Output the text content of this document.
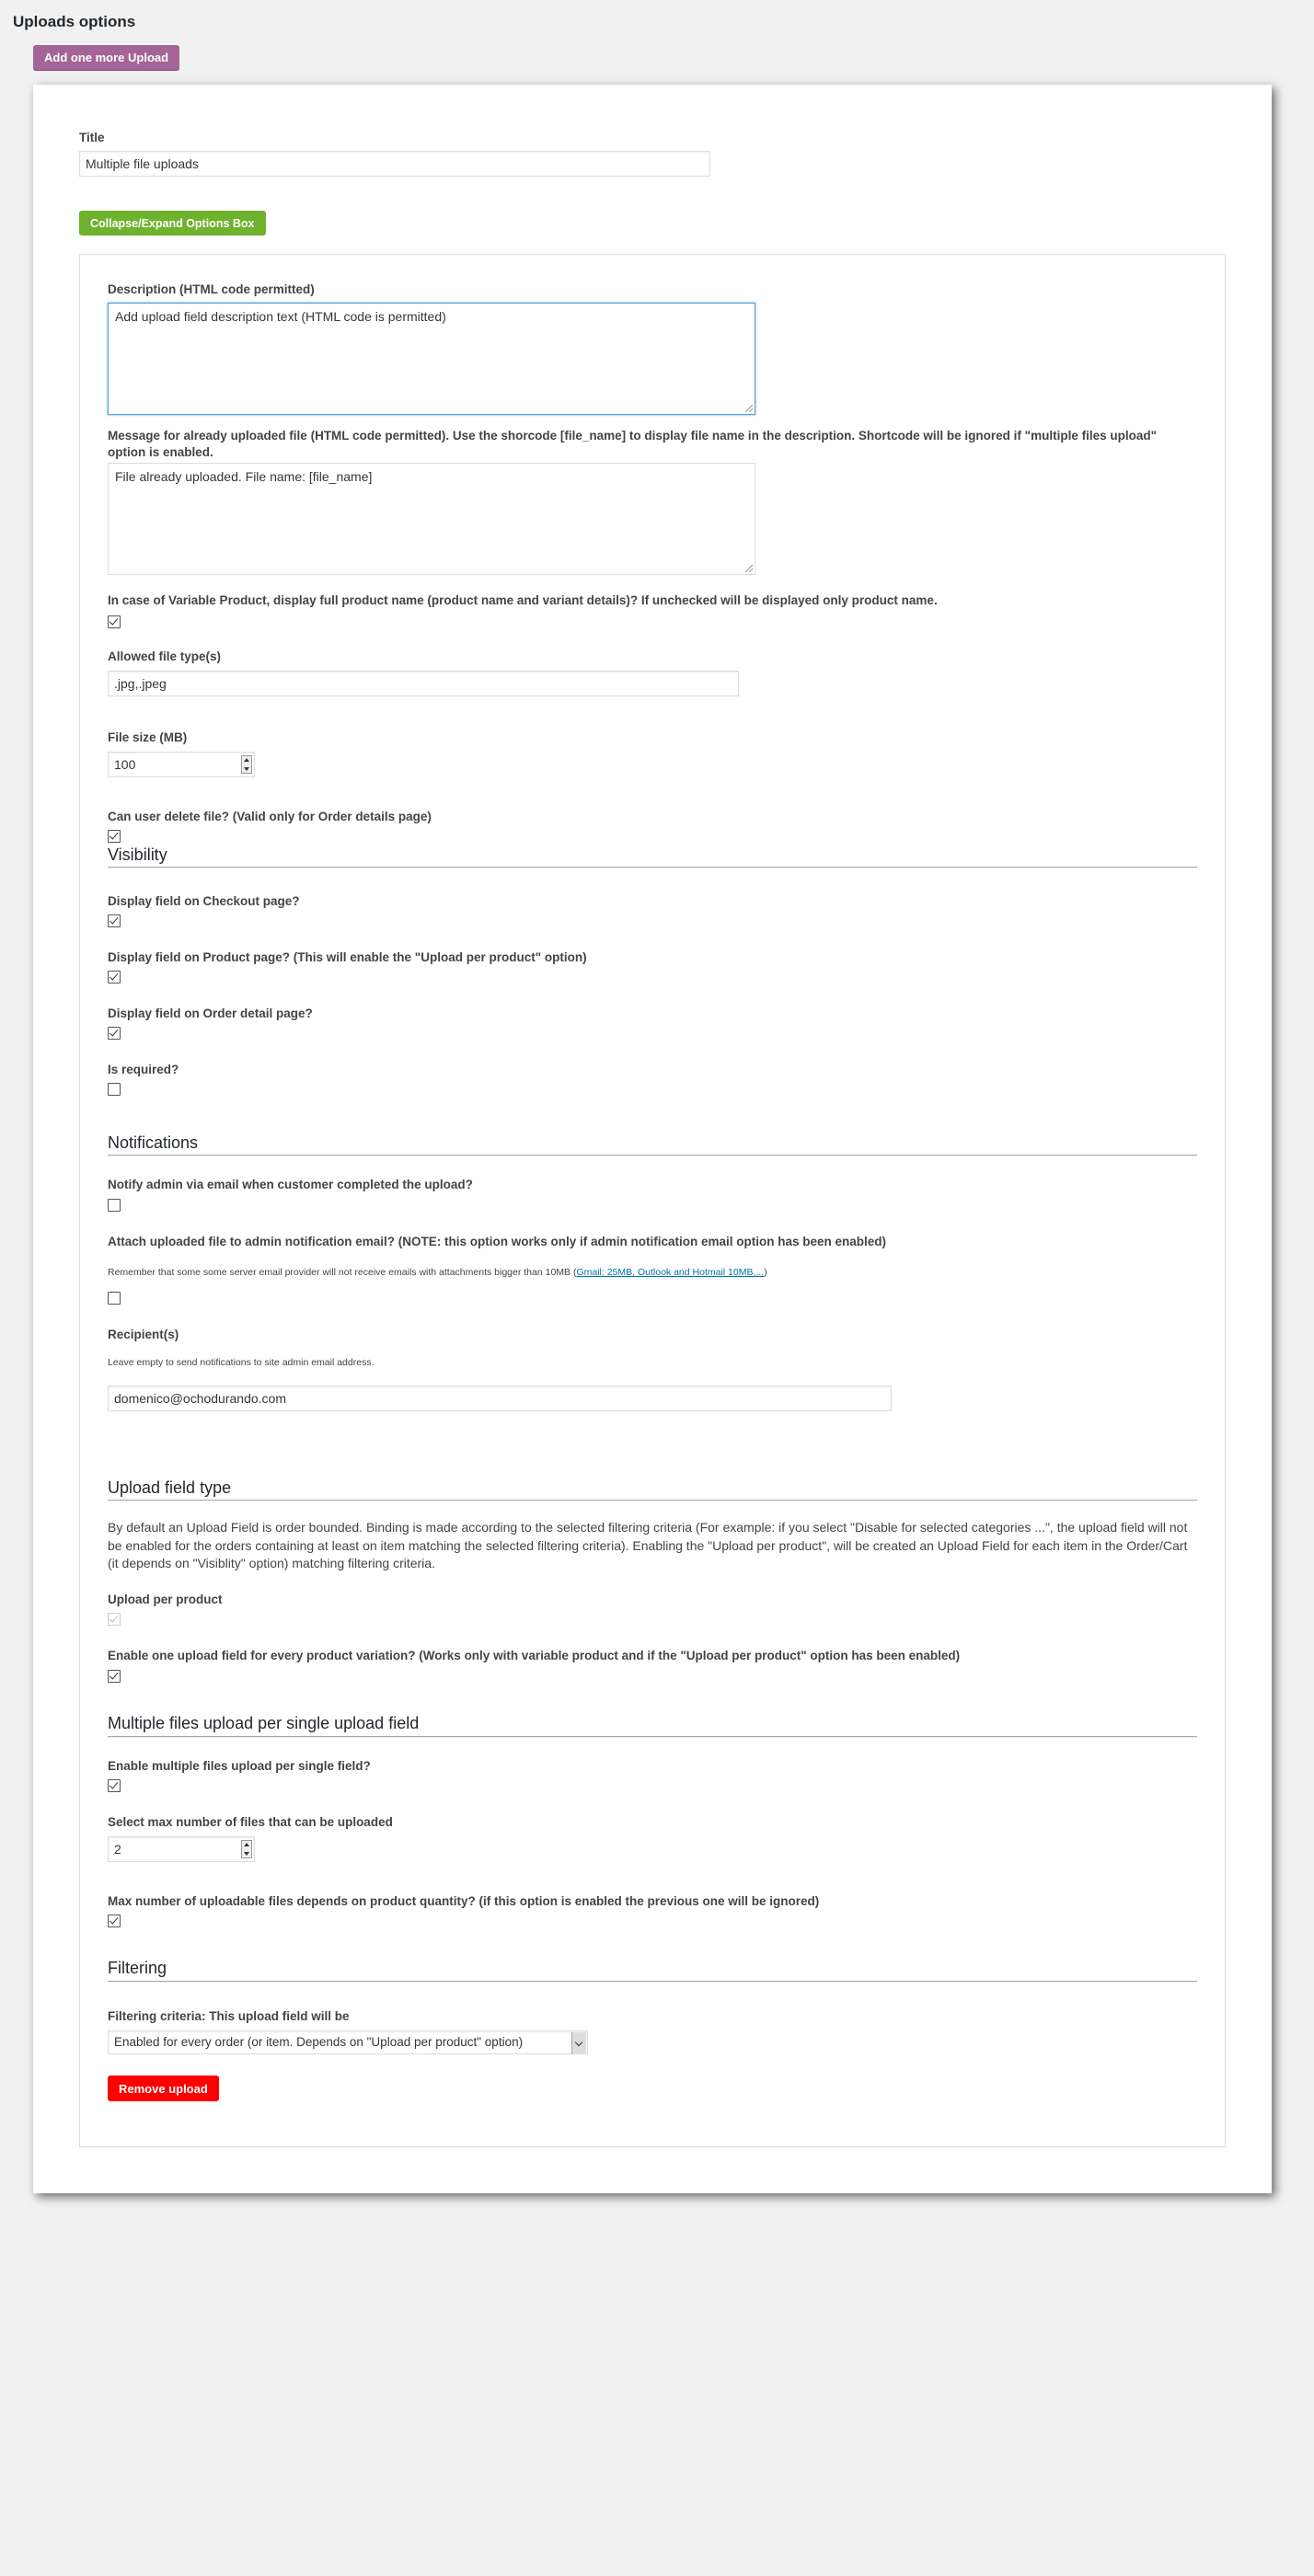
Uploads options
Add one more Upload
Title
Multiple file uploads
Collapse/Expand Options Box
Description (HTML code permitted)
Add upload field description text (HTML code is permitted)
Message for already uploaded file (HTML code permitted). Use the shorcode [file_name] to display file name in the description. Shortcode will be ignored if "multiple files upload" option is enabled.
File already uploaded. File name: [file_name]
In case of Variable Product, display full product name (product name and variant details)? If unchecked will be displayed only product name.
Allowed file type(s)
.jpg,.jpeg
File size (MB)
100
Can user delete file? (Valid only for Order details page)
Visibility
Display field on Checkout page?
Display field on Product page? (This will enable the "Upload per product" option)
Display field on Order detail page?
Is required?
Notifications
Notify admin via email when customer completed the upload?
Attach uploaded file to admin notification email? (NOTE: this option works only if admin notification email option has been enabled)
Remember that some some server email provider will not receive emails with attachments bigger than 10MB (Gmail: 25MB, Outlook and Hotmail 10MB,...)
Recipient(s)
Leave empty to send notifications to site admin email address.
domenico@ochodurando.com
Upload field type
By default an Upload Field is order bounded. Binding is made according to the selected filtering criteria (For example: if you select "Disable for selected categories ...", the upload field will not be enabled for the orders containing at least on item matching the selected filtering criteria). Enabling the "Upload per product", will be created an Upload Field for each item in the Order/Cart (it depends on "Visiblity" option) matching filtering criteria.
Upload per product
Enable one upload field for every product variation? (Works only with variable product and if the "Upload per product" option has been enabled)
Multiple files upload per single upload field
Enable multiple files upload per single field?
Select max number of files that can be uploaded
2
Max number of uploadable files depends on product quantity? (if this option is enabled the previous one will be ignored)
Filtering
Filtering criteria: This upload field will be
Enabled for every order (or item. Depends on "Upload per product" option)
Remove upload
